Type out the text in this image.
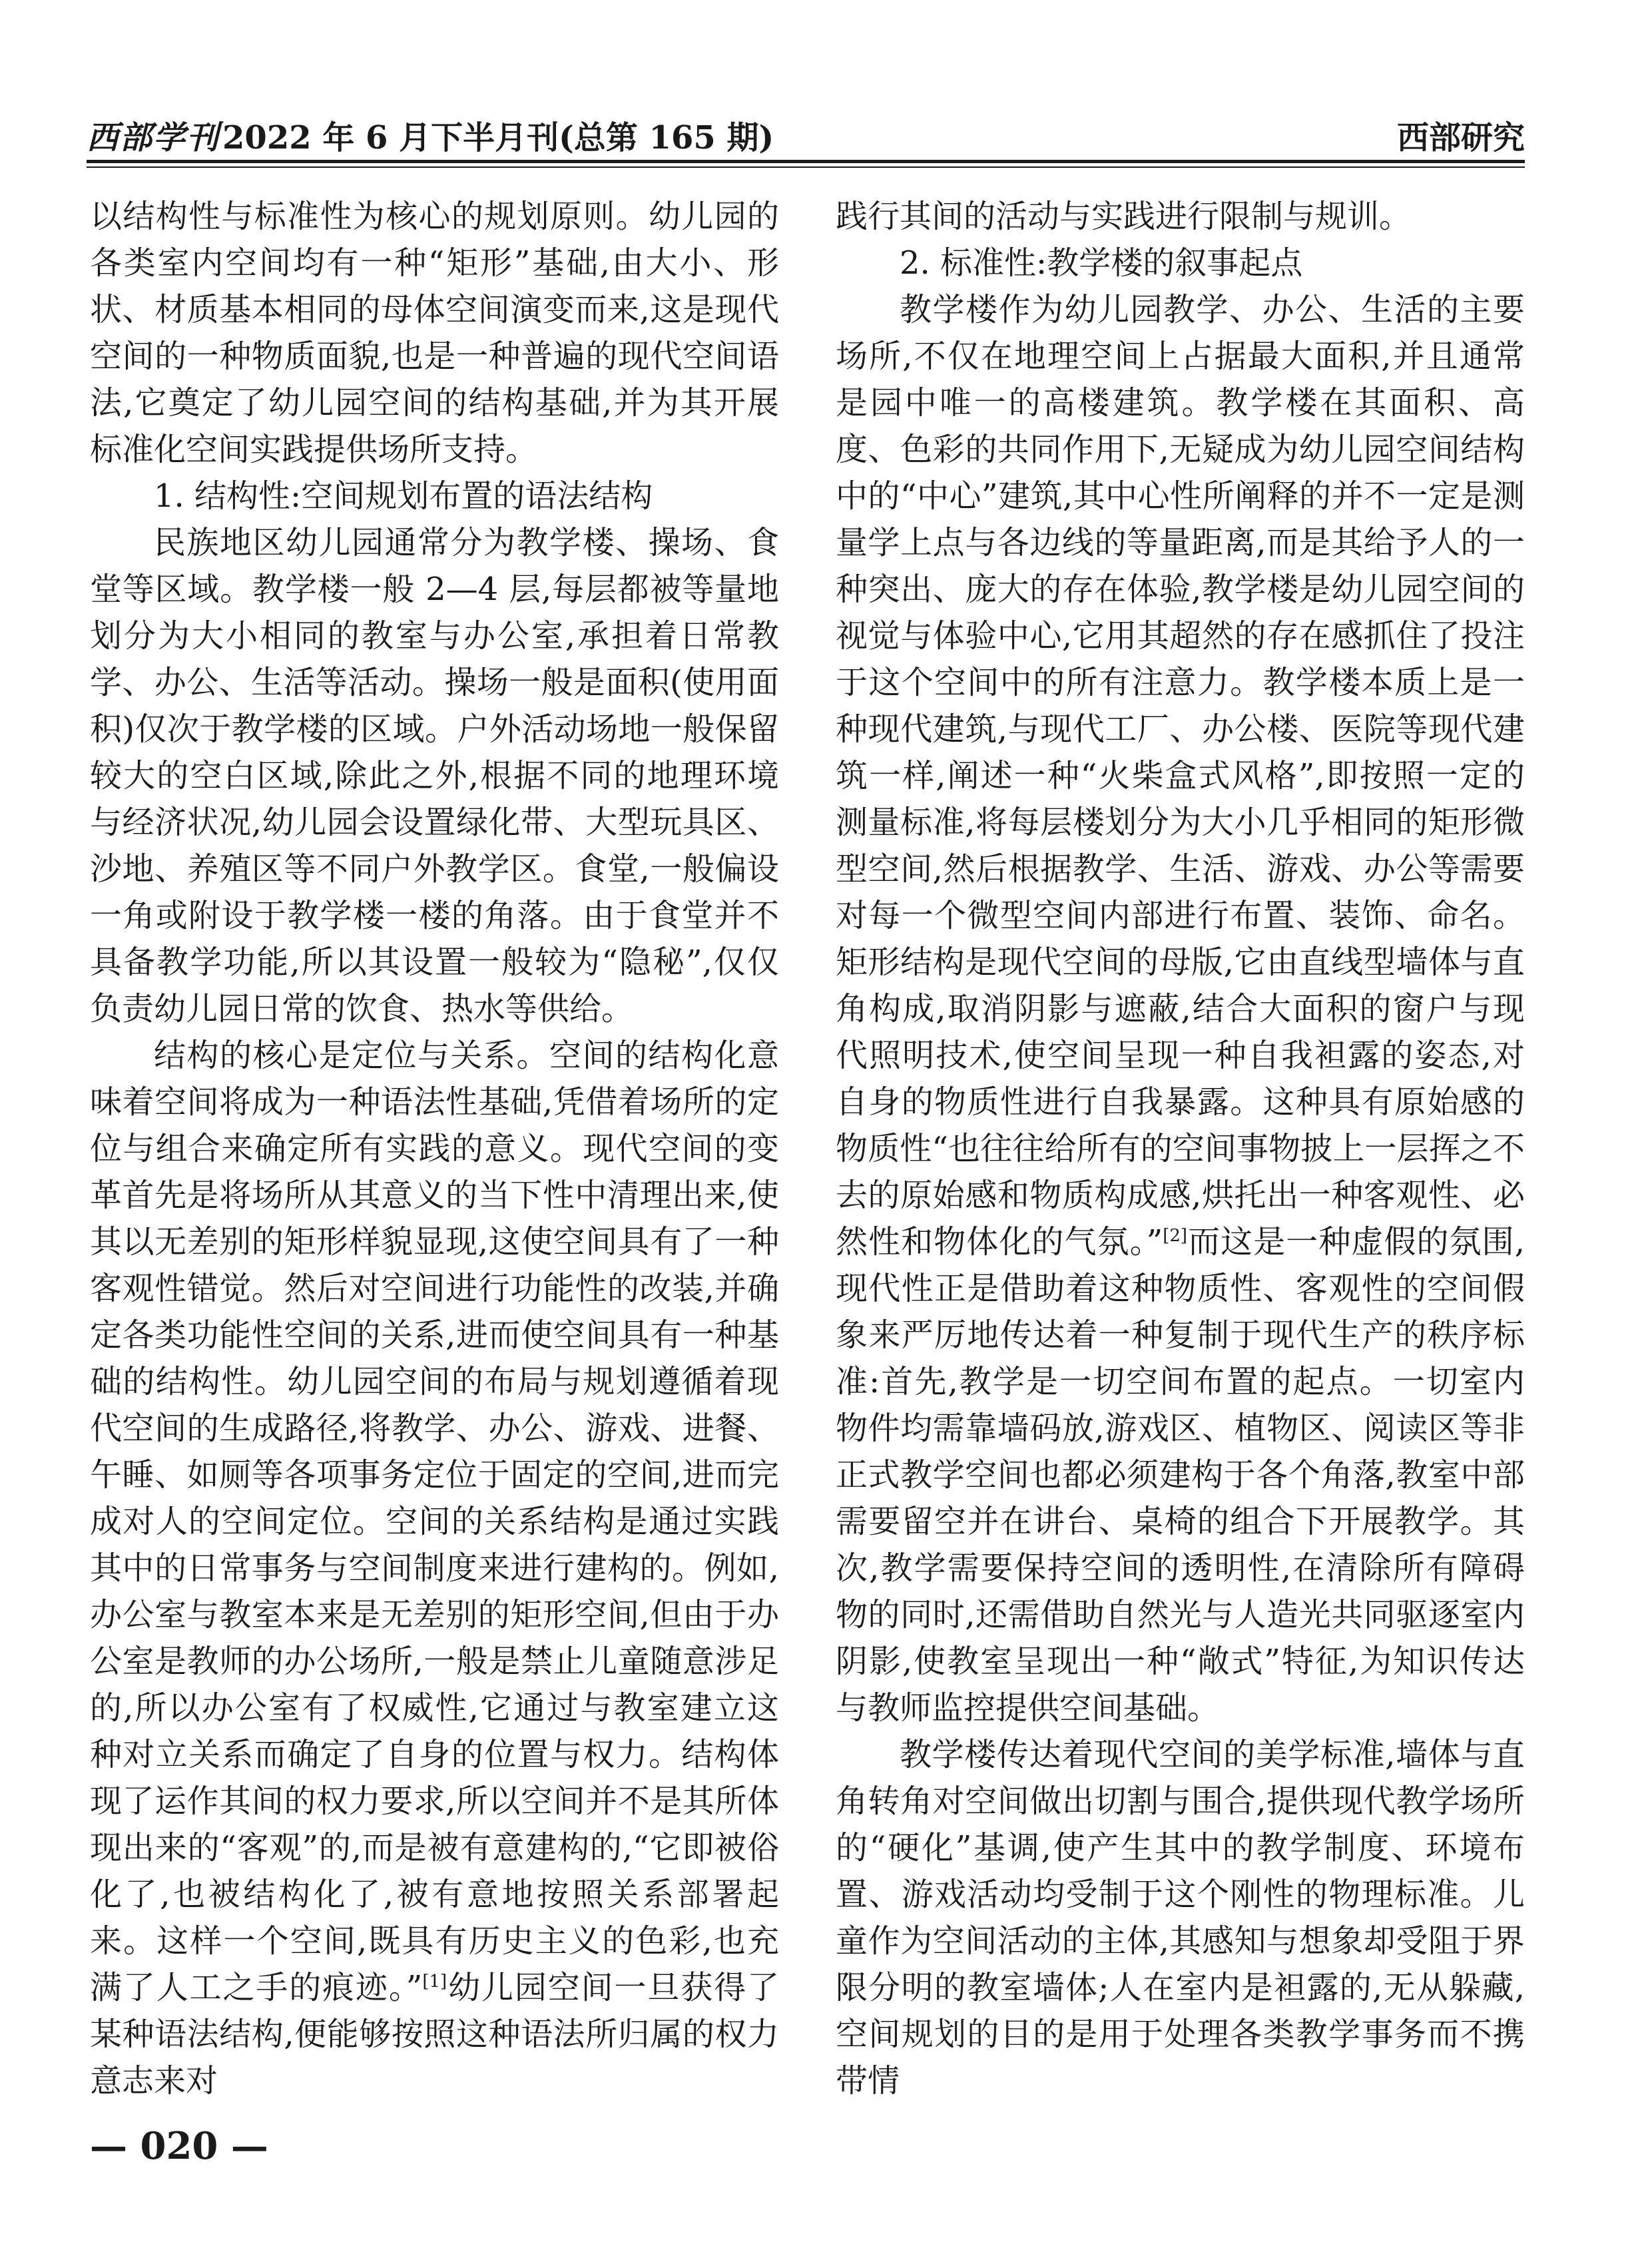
西部学刊2022 年 6 月下半月刊(总第 165 期)	西部研究

以结构性与标准性为核心的规划原则。幼儿园的各类室内空间均有一种“矩形”基础,由大小、形状、材质基本相同的母体空间演变而来,这是现代空间的一种物质面貌,也是一种普遍的现代空间语法,它奠定了幼儿园空间的结构基础,并为其开展标准化空间实践提供场所支持。

1. 结构性:空间规划布置的语法结构

民族地区幼儿园通常分为教学楼、操场、食堂等区域。教学楼一般 2—4 层,每层都被等量地划分为大小相同的教室与办公室,承担着日常教学、办公、生活等活动。操场一般是面积(使用面积)仅次于教学楼的区域。户外活动场地一般保留较大的空白区域,除此之外,根据不同的地理环境与经济状况,幼儿园会设置绿化带、大型玩具区、沙地、养殖区等不同户外教学区。食堂,一般偏设一角或附设于教学楼一楼的角落。由于食堂并不具备教学功能,所以其设置一般较为“隐秘”,仅仅负责幼儿园日常的饮食、热水等供给。

结构的核心是定位与关系。空间的结构化意味着空间将成为一种语法性基础,凭借着场所的定位与组合来确定所有实践的意义。现代空间的变革首先是将场所从其意义的当下性中清理出来,使其以无差别的矩形样貌显现,这使空间具有了一种客观性错觉。然后对空间进行功能性的改装,并确定各类功能性空间的关系,进而使空间具有一种基础的结构性。幼儿园空间的布局与规划遵循着现代空间的生成路径,将教学、办公、游戏、进餐、午睡、如厕等各项事务定位于固定的空间,进而完成对人的空间定位。空间的关系结构是通过实践其中的日常事务与空间制度来进行建构的。例如,办公室与教室本来是无差别的矩形空间,但由于办公室是教师的办公场所,一般是禁止儿童随意涉足的,所以办公室有了权威性,它通过与教室建立这种对立关系而确定了自身的位置与权力。结构体现了运作其间的权力要求,所以空间并不是其所体现出来的“客观”的,而是被有意建构的,“它即被俗化了,也被结构化了,被有意地按照关系部署起来。这样一个空间,既具有历史主义的色彩,也充满了人工之手的痕迹。”[1]幼儿园空间一旦获得了某种语法结构,便能够按照这种语法所归属的权力意志来对

践行其间的活动与实践进行限制与规训。

2. 标准性:教学楼的叙事起点

教学楼作为幼儿园教学、办公、生活的主要场所,不仅在地理空间上占据最大面积,并且通常是园中唯一的高楼建筑。教学楼在其面积、高度、色彩的共同作用下,无疑成为幼儿园空间结构中的“中心”建筑,其中心性所阐释的并不一定是测量学上点与各边线的等量距离,而是其给予人的一种突出、庞大的存在体验,教学楼是幼儿园空间的视觉与体验中心,它用其超然的存在感抓住了投注于这个空间中的所有注意力。教学楼本质上是一种现代建筑,与现代工厂、办公楼、医院等现代建筑一样,阐述一种“火柴盒式风格”,即按照一定的测量标准,将每层楼划分为大小几乎相同的矩形微型空间,然后根据教学、生活、游戏、办公等需要对每一个微型空间内部进行布置、装饰、命名。矩形结构是现代空间的母版,它由直线型墙体与直角构成,取消阴影与遮蔽,结合大面积的窗户与现代照明技术,使空间呈现一种自我袒露的姿态,对自身的物质性进行自我暴露。这种具有原始感的物质性“也往往给所有的空间事物披上一层挥之不去的原始感和物质构成感,烘托出一种客观性、必然性和物体化的气氛。”[2]而这是一种虚假的氛围,现代性正是借助着这种物质性、客观性的空间假象来严厉地传达着一种复制于现代生产的秩序标准:首先,教学是一切空间布置的起点。一切室内物件均需靠墙码放,游戏区、植物区、阅读区等非正式教学空间也都必须建构于各个角落,教室中部需要留空并在讲台、桌椅的组合下开展教学。其次,教学需要保持空间的透明性,在清除所有障碍物的同时,还需借助自然光与人造光共同驱逐室内阴影,使教室呈现出一种“敞式”特征,为知识传达与教师监控提供空间基础。

教学楼传达着现代空间的美学标准,墙体与直角转角对空间做出切割与围合,提供现代教学场所的“硬化”基调,使产生其中的教学制度、环境布置、游戏活动均受制于这个刚性的物理标准。儿童作为空间活动的主体,其感知与想象却受阻于界限分明的教室墙体;人在室内是袒露的,无从躲藏,空间规划的目的是用于处理各类教学事务而不携带情

— 020 —
